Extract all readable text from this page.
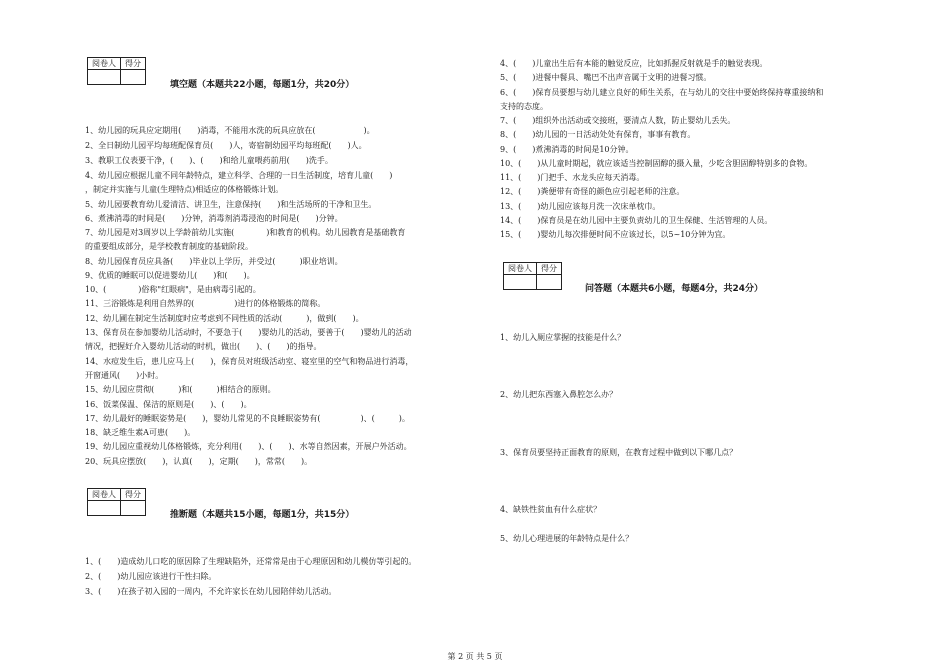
阅卷人	得分

填空题（本题共22小题，每题1分，共20分）
1、幼儿园的玩具应定期用(　　)消毒，不能用水洗的玩具应放在(　　　　　　)。
2、全日制幼儿园平均每班配保育员(　　)人，寄宿制幼园平均每班配(　　)人。
3、教职工仪表要干净，(　　)、(　　)和给儿童喂药前用(　　)洗手。
4、幼儿园应根据儿童不同年龄特点，建立科学、合理的一日生活制度，培育儿童(　　)
，制定并实施与儿童(生理特点)相适应的体格锻炼计划。
5、幼儿园要教育幼儿爱清洁、讲卫生，注意保持(　　)和生活场所的干净和卫生。
6、煮沸消毒的时间是(　　)分钟，消毒剂消毒浸泡的时间是(　　)分钟。
7、幼儿园是对3周岁以上学龄前幼儿实施(　　　　)和教育的机构。幼儿园教育是基础教育
的重要组成部分，是学校教育制度的基础阶段。
8、幼儿园保育员应具备(　　)毕业以上学历，并受过(　　　)职业培训。
9、优质的睡眠可以促进婴幼儿(　　)和(　　)。
10、(　　　　)俗称"红眼病"，是由病毒引起的。
11、三浴锻炼是利用自然界的(　　　　　)进行的体格锻炼的简称。
12、幼儿圃在制定生活制度时应考虑到不同性质的活动(　　　)，做到(　　)。
13、保育员在参加婴幼儿活动时，不要急于(　　)婴幼儿的活动，要善于(　　)婴幼儿的活动
情况，把握好介入婴幼儿活动的时机，做出(　　)、(　　)的指导。
14、水痘发生后，患儿应马上(　　)，保育员对班级活动室、寝室里的空气和物品进行消毒，
开窗通风(　　)小时。
15、幼儿园应贯彻(　　　)和(　　　)相结合的原则。
16、饭菜保温、保洁的原则是(　　)、(　　)。
17、幼儿最好的睡眠姿势是(　　)，婴幼儿常见的不良睡眠姿势有(　　　　　)、(　　　)。
18、缺乏维生素A可患(　　)。
19、幼儿园应重视幼儿体格锻炼，充分利用(　　)、(　　)、水等自然因素，开展户外活动。
20、玩具应摆放(　　)，认真(　　)，定期(　　)，常常(　　)。
阅卷人	得分

推断题（本题共15小题，每题1分，共15分）
1、(　　)造成幼儿口吃的原因除了生理缺陷外，还常常是由于心理原因和幼儿模仿等引起的。
2、(　　)幼儿园应该进行干性扫除。
3、(　　)在孩子初入园的一周内，不允许家长在幼儿园陪伴幼儿活动。
4、(　　)儿童出生后有本能的触觉反应，比如抓握反射就是手的触觉表现。
5、(　　)进餐中餐具、嘴巴不出声音属于文明的进餐习惯。
6、(　　)保育员要想与幼儿建立良好的师生关系，在与幼儿的交往中要始终保持尊重接纳和
支持的态度。
7、(　　)组织外出活动或交接班，要清点人数，防止婴幼儿丢失。
8、(　　)幼儿园的一日活动处处有保育，事事有教育。
9、(　　)煮沸消毒的时间是10分钟。
10、(　　)从儿童时期起，就应该适当控制固醇的摄入量，少吃含胆固醇特别多的食物。
11、(　　)门把手、水龙头应每天消毒。
12、(　　)粪便带有奇怪的颜色应引起老师的注意。
13、(　　)幼儿园应该每月洗一次床单枕巾。
14、(　　)保育员是在幼儿园中主要负责幼儿的卫生保健、生活管理的人员。
15、(　　)婴幼儿每次排便时间不应该过长，以5~10分钟为宜。
阅卷人	得分

问答题（本题共6小题，每题4分，共24分）
1、幼儿入厕应掌握的技能是什么？
2、幼儿把东西塞入鼻腔怎么办？
3、保育员要坚持正面教育的原则，在教育过程中做到以下哪几点？
4、缺铁性贫血有什么症状？
5、幼儿心理进展的年龄特点是什么？
第 2 页 共 5 页
